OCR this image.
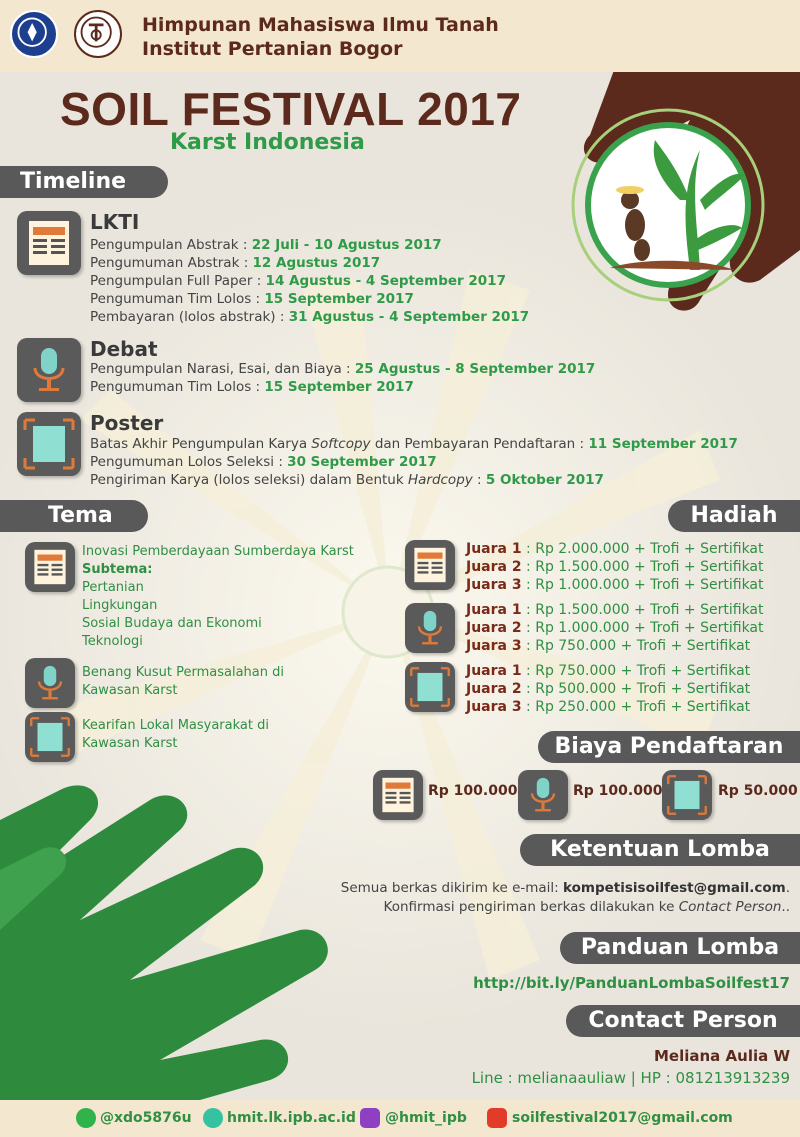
Himpunan Mahasiswa Ilmu Tanah
Institut Pertanian Bogor
SOIL FESTIVAL 2017
Karst Indonesia
Timeline
LKTI
Pengumpulan Abstrak : 22 Juli - 10 Agustus 2017
Pengumuman Abstrak : 12 Agustus 2017
Pengumpulan Full Paper : 14 Agustus - 4 September 2017
Pengumuman Tim Lolos : 15 September 2017
Pembayaran (lolos abstrak) : 31 Agustus - 4 September 2017
Debat
Pengumpulan Narasi, Esai, dan Biaya : 25 Agustus - 8 September 2017
Pengumuman Tim Lolos : 15 September 2017
Poster
Batas Akhir Pengumpulan Karya Softcopy dan Pembayaran Pendaftaran : 11 September 2017
Pengumuman Lolos Seleksi : 30 September 2017
Pengiriman Karya (lolos seleksi) dalam Bentuk Hardcopy : 5 Oktober 2017
Tema
Inovasi Pemberdayaan Sumberdaya Karst
Subtema:
Pertanian
Lingkungan
Sosial Budaya dan Ekonomi
Teknologi
Benang Kusut Permasalahan di
Kawasan Karst
Kearifan Lokal Masyarakat di
Kawasan Karst
Hadiah
Juara 1 : Rp 2.000.000 + Trofi + Sertifikat
Juara 2 : Rp 1.500.000 + Trofi + Sertifikat
Juara 3 : Rp 1.000.000 + Trofi + Sertifikat
Juara 1 : Rp 1.500.000 + Trofi + Sertifikat
Juara 2 : Rp 1.000.000 + Trofi + Sertifikat
Juara 3 : Rp 750.000 + Trofi + Sertifikat
Juara 1 : Rp 750.000 + Trofi + Sertifikat
Juara 2 : Rp 500.000 + Trofi + Sertifikat
Juara 3 : Rp 250.000 + Trofi + Sertifikat
Biaya Pendaftaran
Rp 100.000	Rp 100.000	Rp 50.000
Ketentuan Lomba
Semua berkas dikirim ke e-mail: kompetisisoilfest@gmail.com.
Konfirmasi pengiriman berkas dilakukan ke Contact Person..
Panduan Lomba
http://bit.ly/PanduanLombaSoilfest17
Contact Person
Meliana Aulia W
Line : melianaauliaw | HP : 081213913239
@xdo5876u	hmit.lk.ipb.ac.id @hmit_ipb	soilfestival2017@gmail.com
